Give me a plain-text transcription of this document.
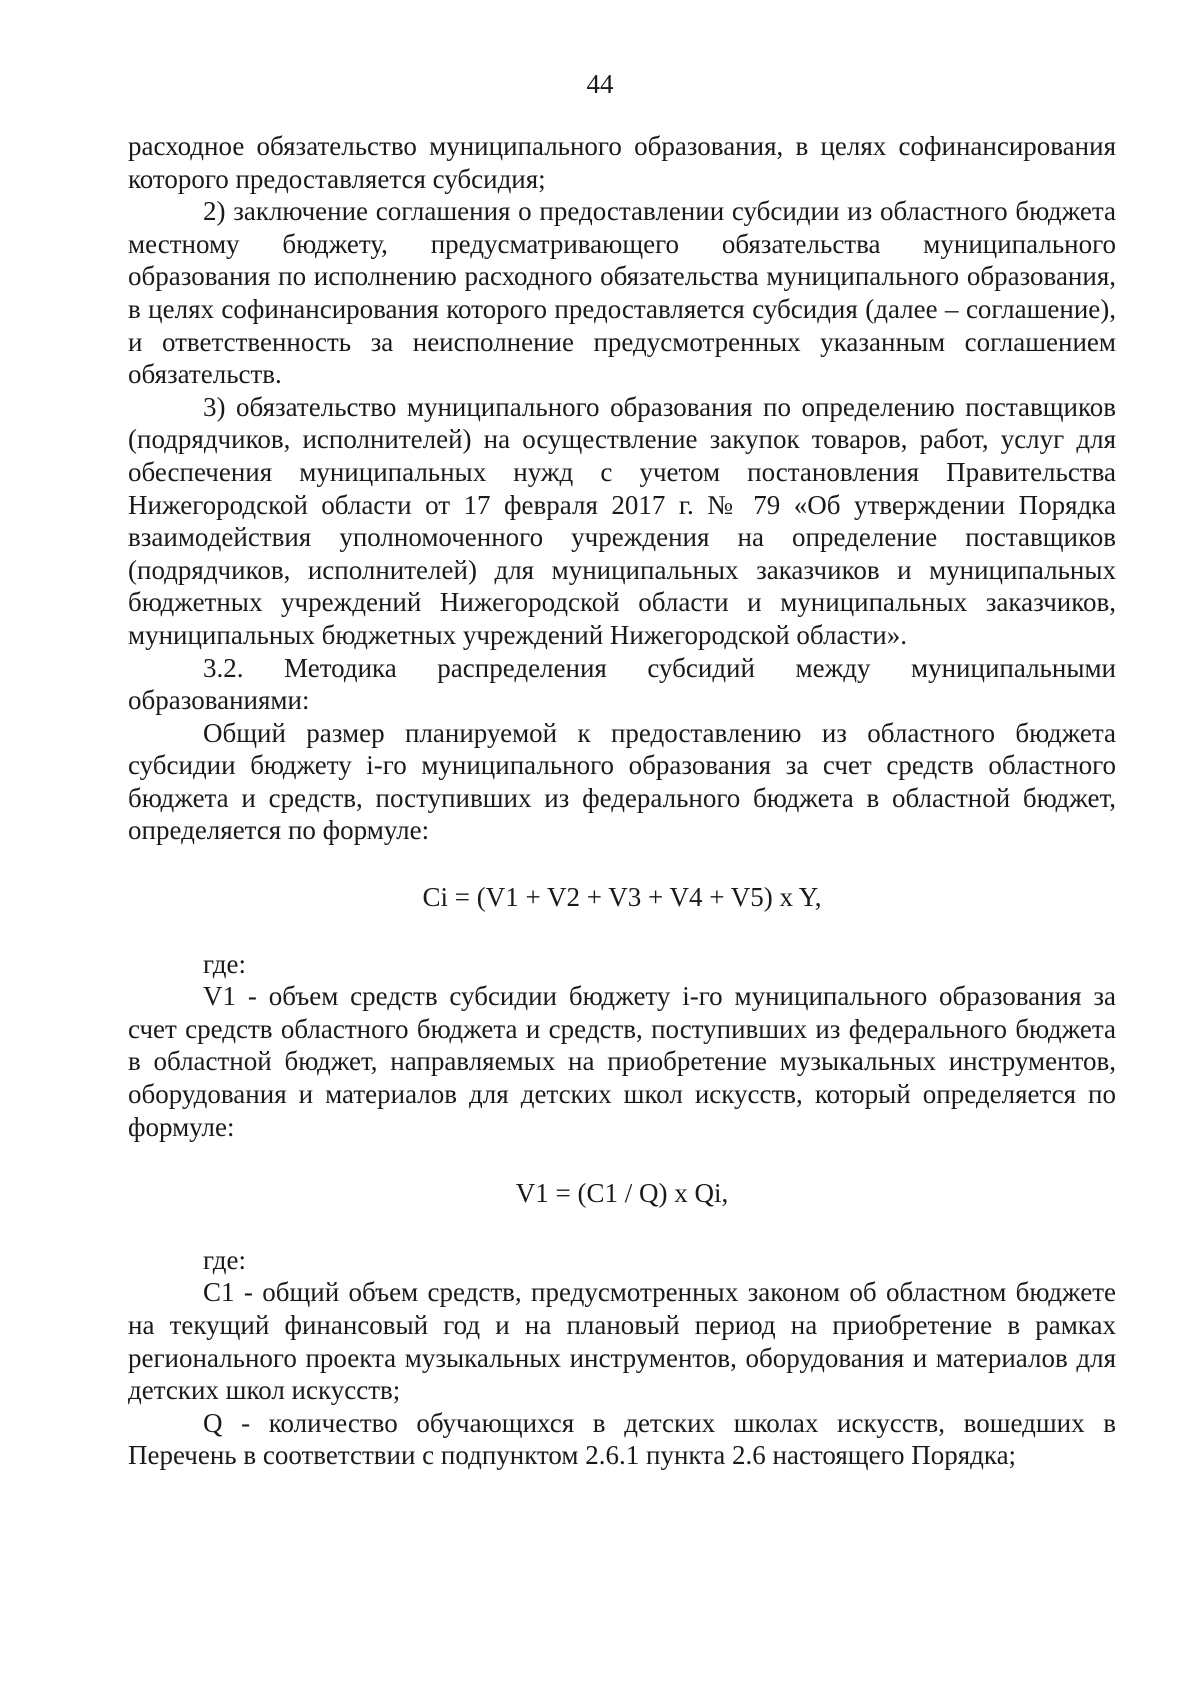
44

расходное обязательство муниципального образования, в целях софинансирования которого предоставляется субсидия;

2) заключение соглашения о предоставлении субсидии из областного бюджета местному бюджету, предусматривающего обязательства муниципального образования по исполнению расходного обязательства муниципального образования, в целях софинансирования которого предоставляется субсидия (далее – соглашение), и ответственность за неисполнение предусмотренных указанным соглашением обязательств.

3) обязательство муниципального образования по определению поставщиков (подрядчиков, исполнителей) на осуществление закупок товаров, работ, услуг для обеспечения муниципальных нужд с учетом постановления Правительства Нижегородской области от 17 февраля 2017 г. № 79 «Об утверждении Порядка взаимодействия уполномоченного учреждения на определение поставщиков (подрядчиков, исполнителей) для муниципальных заказчиков и муниципальных бюджетных учреждений Нижегородской области и муниципальных заказчиков, муниципальных бюджетных учреждений Нижегородской области».

3.2. Методика распределения субсидий между муниципальными образованиями:

Общий размер планируемой к предоставлению из областного бюджета субсидии бюджету i-го муниципального образования за счет средств областного бюджета и средств, поступивших из федерального бюджета в областной бюджет, определяется по формуле:

Ci = (V1 + V2 + V3 + V4 + V5) x Y,

где:

V1 - объем средств субсидии бюджету i-го муниципального образования за счет средств областного бюджета и средств, поступивших из федерального бюджета в областной бюджет, направляемых на приобретение музыкальных инструментов, оборудования и материалов для детских школ искусств, который определяется по формуле:

V1 = (C1 / Q) x Qi,

где:

C1 - общий объем средств, предусмотренных законом об областном бюджете на текущий финансовый год и на плановый период на приобретение в рамках регионального проекта музыкальных инструментов, оборудования и материалов для детских школ искусств;

Q - количество обучающихся в детских школах искусств, вошедших в Перечень в соответствии с подпунктом 2.6.1 пункта 2.6 настоящего Порядка;
